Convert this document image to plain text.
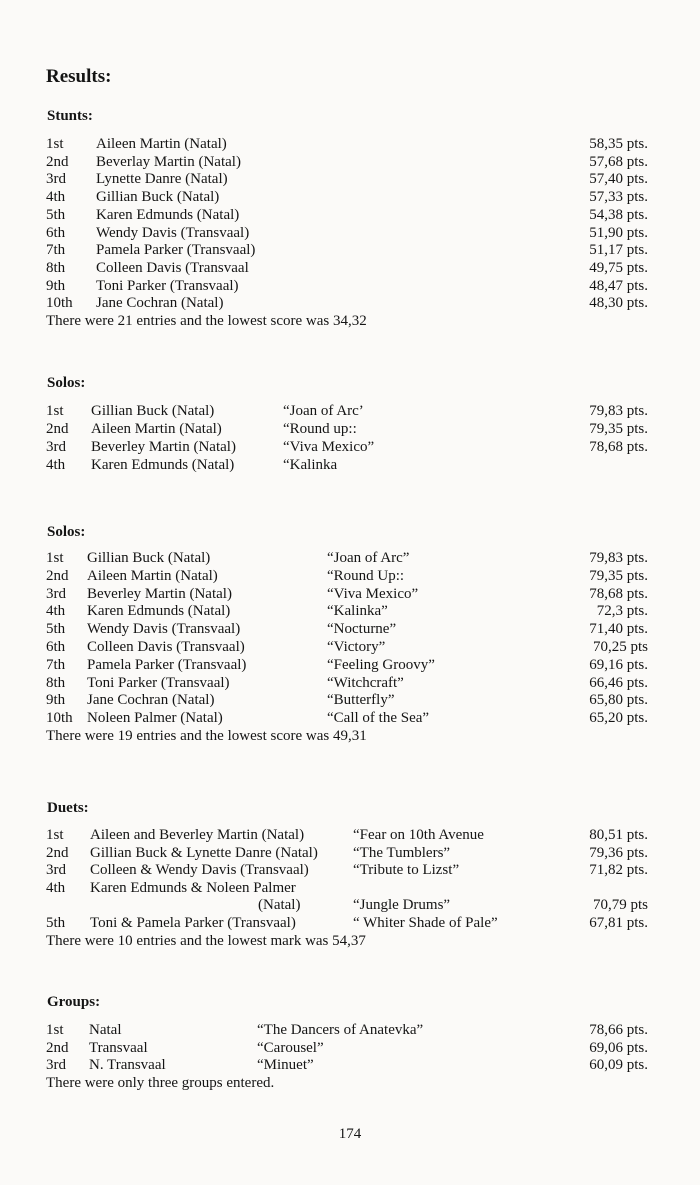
Results:
Stunts:
1st	Aileen Martin (Natal)	58,35 pts.
2nd	Beverlay Martin (Natal)	57,68 pts.
3rd	Lynette Danre (Natal)	57,40 pts.
4th	Gillian Buck (Natal)	57,33 pts.
5th	Karen Edmunds (Natal)	54,38 pts.
6th	Wendy Davis (Transvaal)	51,90 pts.
7th	Pamela Parker (Transvaal)	51,17 pts.
8th	Colleen Davis (Transvaal	49,75 pts.
9th	Toni Parker (Transvaal)	48,47 pts.
10th	Jane Cochran (Natal)	48,30 pts.
There were 21 entries and the lowest score was 34,32
Solos:
1st	Gillian Buck (Natal)	“Joan of Arc’	79,83 pts.
2nd	Aileen Martin (Natal)	“Round up::	79,35 pts.
3rd	Beverley Martin (Natal)	“Viva Mexico”	78,68 pts.
4th	Karen Edmunds (Natal)	“Kalinka
Solos:
1st	Gillian Buck (Natal)	“Joan of Arc”	79,83 pts.
2nd	Aileen Martin (Natal)	“Round Up::	79,35 pts.
3rd	Beverley Martin (Natal)	“Viva Mexico”	78,68 pts.
4th	Karen Edmunds (Natal)	“Kalinka”	72,3 pts.
5th	Wendy Davis (Transvaal)	“Nocturne”	71,40 pts.
6th	Colleen Davis (Transvaal)	“Victory”	70,25 pts
7th	Pamela Parker (Transvaal)	“Feeling Groovy”	69,16 pts.
8th	Toni Parker (Transvaal)	“Witchcraft”	66,46 pts.
9th	Jane Cochran (Natal)	“Butterfly”	65,80 pts.
10th Noleen Palmer (Natal)	“Call of the Sea”	65,20 pts.
There were 19 entries and the lowest score was 49,31
Duets:
1st	Aileen and Beverley Martin (Natal)	“Fear on 10th Avenue	80,51 pts.
2nd	Gillian Buck & Lynette Danre (Natal) “The Tumblers”	79,36 pts.
3rd	Colleen & Wendy Davis (Transvaal)	“Tribute to Lizst”	71,82 pts.
4th	Karen Edmunds & Noleen Palmer
(Natal)	“Jungle Drums”	70,79 pts
5th	Toni & Pamela Parker (Transvaal)	“ Whiter Shade of Pale”	67,81 pts.
There were 10 entries and the lowest mark was 54,37
Groups:
1st	Natal	“The Dancers of Anatevka”	78,66 pts.
2nd	Transvaal	“Carousel”	69,06 pts.
3rd	N. Transvaal	“Minuet”	60,09 pts.
There were only three groups entered.
174
